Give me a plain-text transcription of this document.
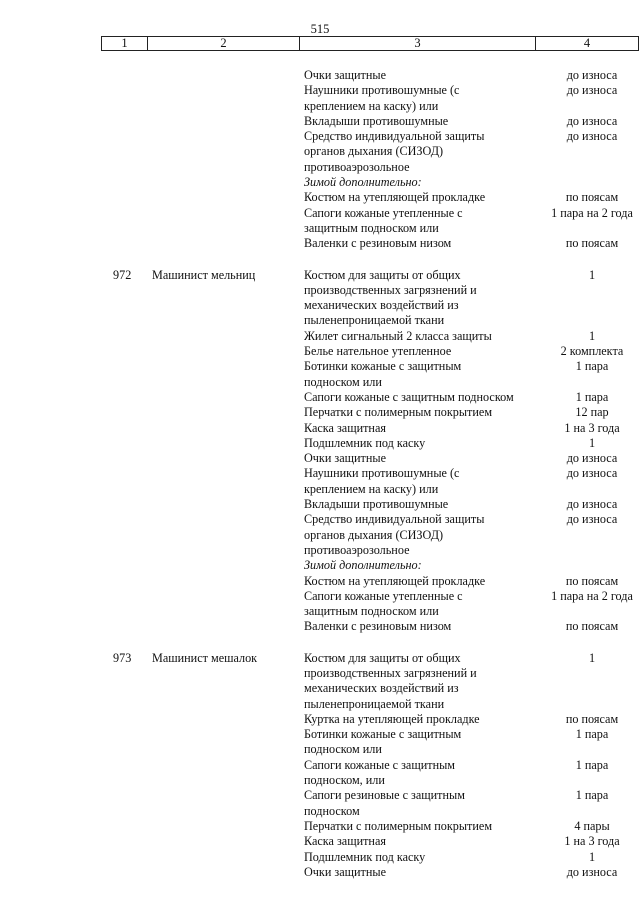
515
1	2	3	4
Очки защитные	до износа
Наушники противошумные (с	до износа
креплением на каску) или
Вкладыши противошумные	до износа
Средство индивидуальной защиты	до износа
органов дыхания (СИЗОД)
противоаэрозольное
Зимой дополнительно:
Костюм на утепляющей прокладке	по поясам
Сапоги кожаные утепленные с	1 пара на 2 года
защитным подноском или
Валенки с резиновым низом	по поясам
972 Машинист мельниц	Костюм для защиты от общих	1
производственных загрязнений и
механических воздействий из
пыленепроницаемой ткани
Жилет сигнальный 2 класса защиты	1
Белье нательное утепленное	2 комплекта
Ботинки кожаные с защитным	1 пара
подноском или
Сапоги кожаные с защитным подноском	1 пара
Перчатки с полимерным покрытием	12 пар
Каска защитная	1 на 3 года
Подшлемник под каску	1
Очки защитные	до износа
Наушники противошумные (с	до износа
креплением на каску) или
Вкладыши противошумные	до износа
Средство индивидуальной защиты	до износа
органов дыхания (СИЗОД)
противоаэрозольное
Зимой дополнительно:
Костюм на утепляющей прокладке	по поясам
Сапоги кожаные утепленные с	1 пара на 2 года
защитным подноском или
Валенки с резиновым низом	по поясам
973 Машинист мешалок	Костюм для защиты от общих	1
производственных загрязнений и
механических воздействий из
пыленепроницаемой ткани
Куртка на утепляющей прокладке	по поясам
Ботинки кожаные с защитным	1 пара
подноском или
Сапоги кожаные с защитным	1 пара
подноском, или
Сапоги резиновые с защитным	1 пара
подноском
Перчатки с полимерным покрытием	4 пары
Каска защитная	1 на 3 года
Подшлемник под каску	1
Очки защитные	до износа
